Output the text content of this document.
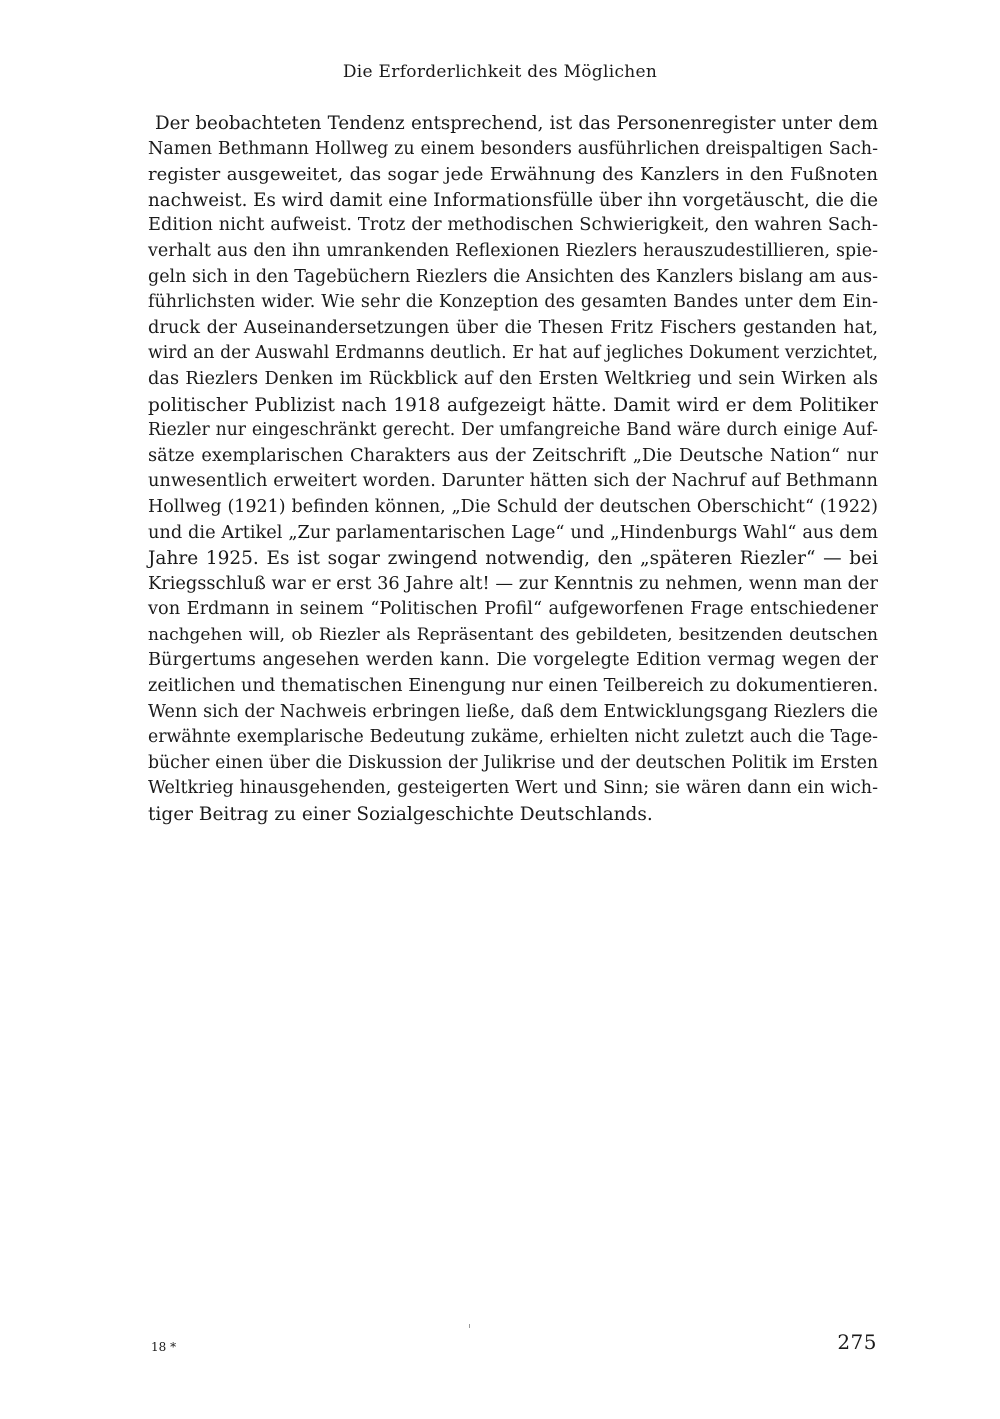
Die Erforderlichkeit des Möglichen
Der beobachteten Tendenz entsprechend, ist das Personenregister unter dem
Namen Bethmann Hollweg zu einem besonders ausführlichen dreispaltigen Sach-
register ausgeweitet, das sogar jede Erwähnung des Kanzlers in den Fußnoten
nachweist. Es wird damit eine Informationsfülle über ihn vorgetäuscht, die die
Edition nicht aufweist. Trotz der methodischen Schwierigkeit, den wahren Sach-
verhalt aus den ihn umrankenden Reflexionen Riezlers herauszudestillieren, spie-
geln sich in den Tagebüchern Riezlers die Ansichten des Kanzlers bislang am aus-
führlichsten wider. Wie sehr die Konzeption des gesamten Bandes unter dem Ein-
druck der Auseinandersetzungen über die Thesen Fritz Fischers gestanden hat,
wird an der Auswahl Erdmanns deutlich. Er hat auf jegliches Dokument verzichtet,
das Riezlers Denken im Rückblick auf den Ersten Weltkrieg und sein Wirken als
politischer Publizist nach 1918 aufgezeigt hätte. Damit wird er dem Politiker
Riezler nur eingeschränkt gerecht. Der umfangreiche Band wäre durch einige Auf-
sätze exemplarischen Charakters aus der Zeitschrift „Die Deutsche Nation“ nur
unwesentlich erweitert worden. Darunter hätten sich der Nachruf auf Bethmann
Hollweg (1921) befinden können, „Die Schuld der deutschen Oberschicht“ (1922)
und die Artikel „Zur parlamentarischen Lage“ und „Hindenburgs Wahl“ aus dem
Jahre 1925. Es ist sogar zwingend notwendig, den „späteren Riezler“ — bei
Kriegsschluß war er erst 36 Jahre alt! — zur Kenntnis zu nehmen, wenn man der
von Erdmann in seinem “Politischen Profil“ aufgeworfenen Frage entschiedener
nachgehen will, ob Riezler als Repräsentant des gebildeten, besitzenden deutschen
Bürgertums angesehen werden kann. Die vorgelegte Edition vermag wegen der
zeitlichen und thematischen Einengung nur einen Teilbereich zu dokumentieren.
Wenn sich der Nachweis erbringen ließe, daß dem Entwicklungsgang Riezlers die
erwähnte exemplarische Bedeutung zukäme, erhielten nicht zuletzt auch die Tage-
bücher einen über die Diskussion der Julikrise und der deutschen Politik im Ersten
Weltkrieg hinausgehenden, gesteigerten Wert und Sinn; sie wären dann ein wich-
tiger Beitrag zu einer Sozialgeschichte Deutschlands.
18 *	275
